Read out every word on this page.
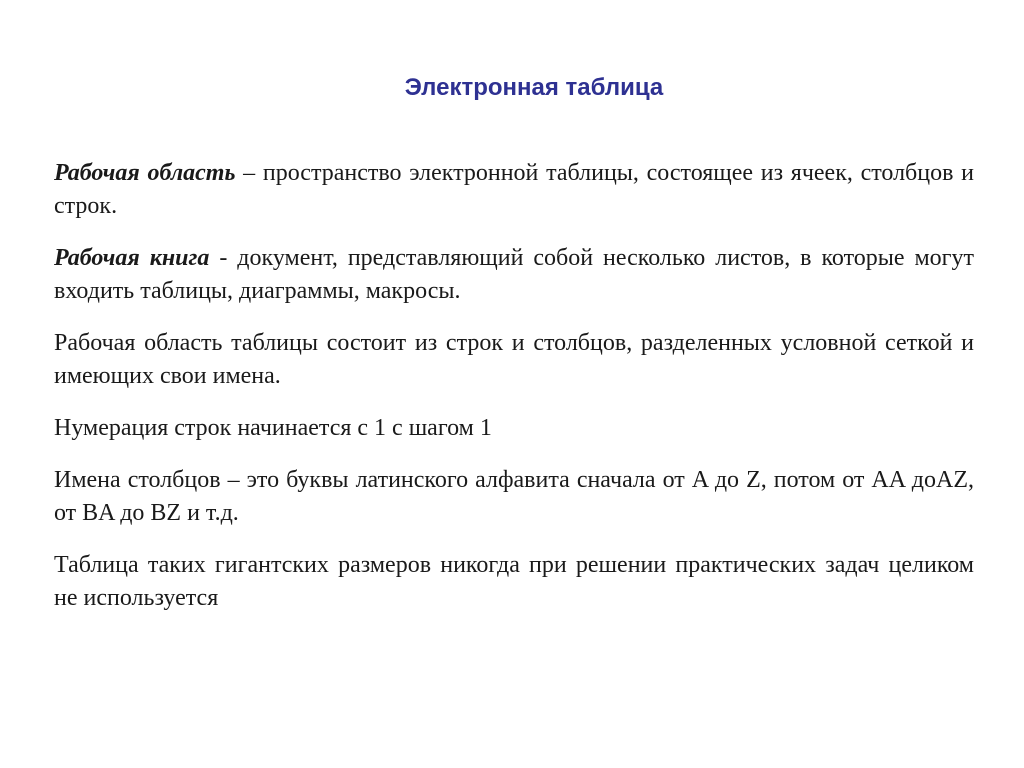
Электронная таблица

Рабочая область – пространство электронной таблицы, состоящее из ячеек, столбцов и строк.

Рабочая книга - документ, представляющий собой несколько листов, в которые могут входить таблицы, диаграммы, макросы.

Рабочая область таблицы состоит из строк и столбцов, разделенных условной сеткой и имеющих свои имена.

Нумерация строк начинается с 1 с шагом 1

Имена столбцов – это буквы латинского алфавита сначала от A до Z, потом от AA доAZ, от BA до BZ и т.д.

Таблица таких гигантских размеров никогда при решении практических задач целиком не используется
